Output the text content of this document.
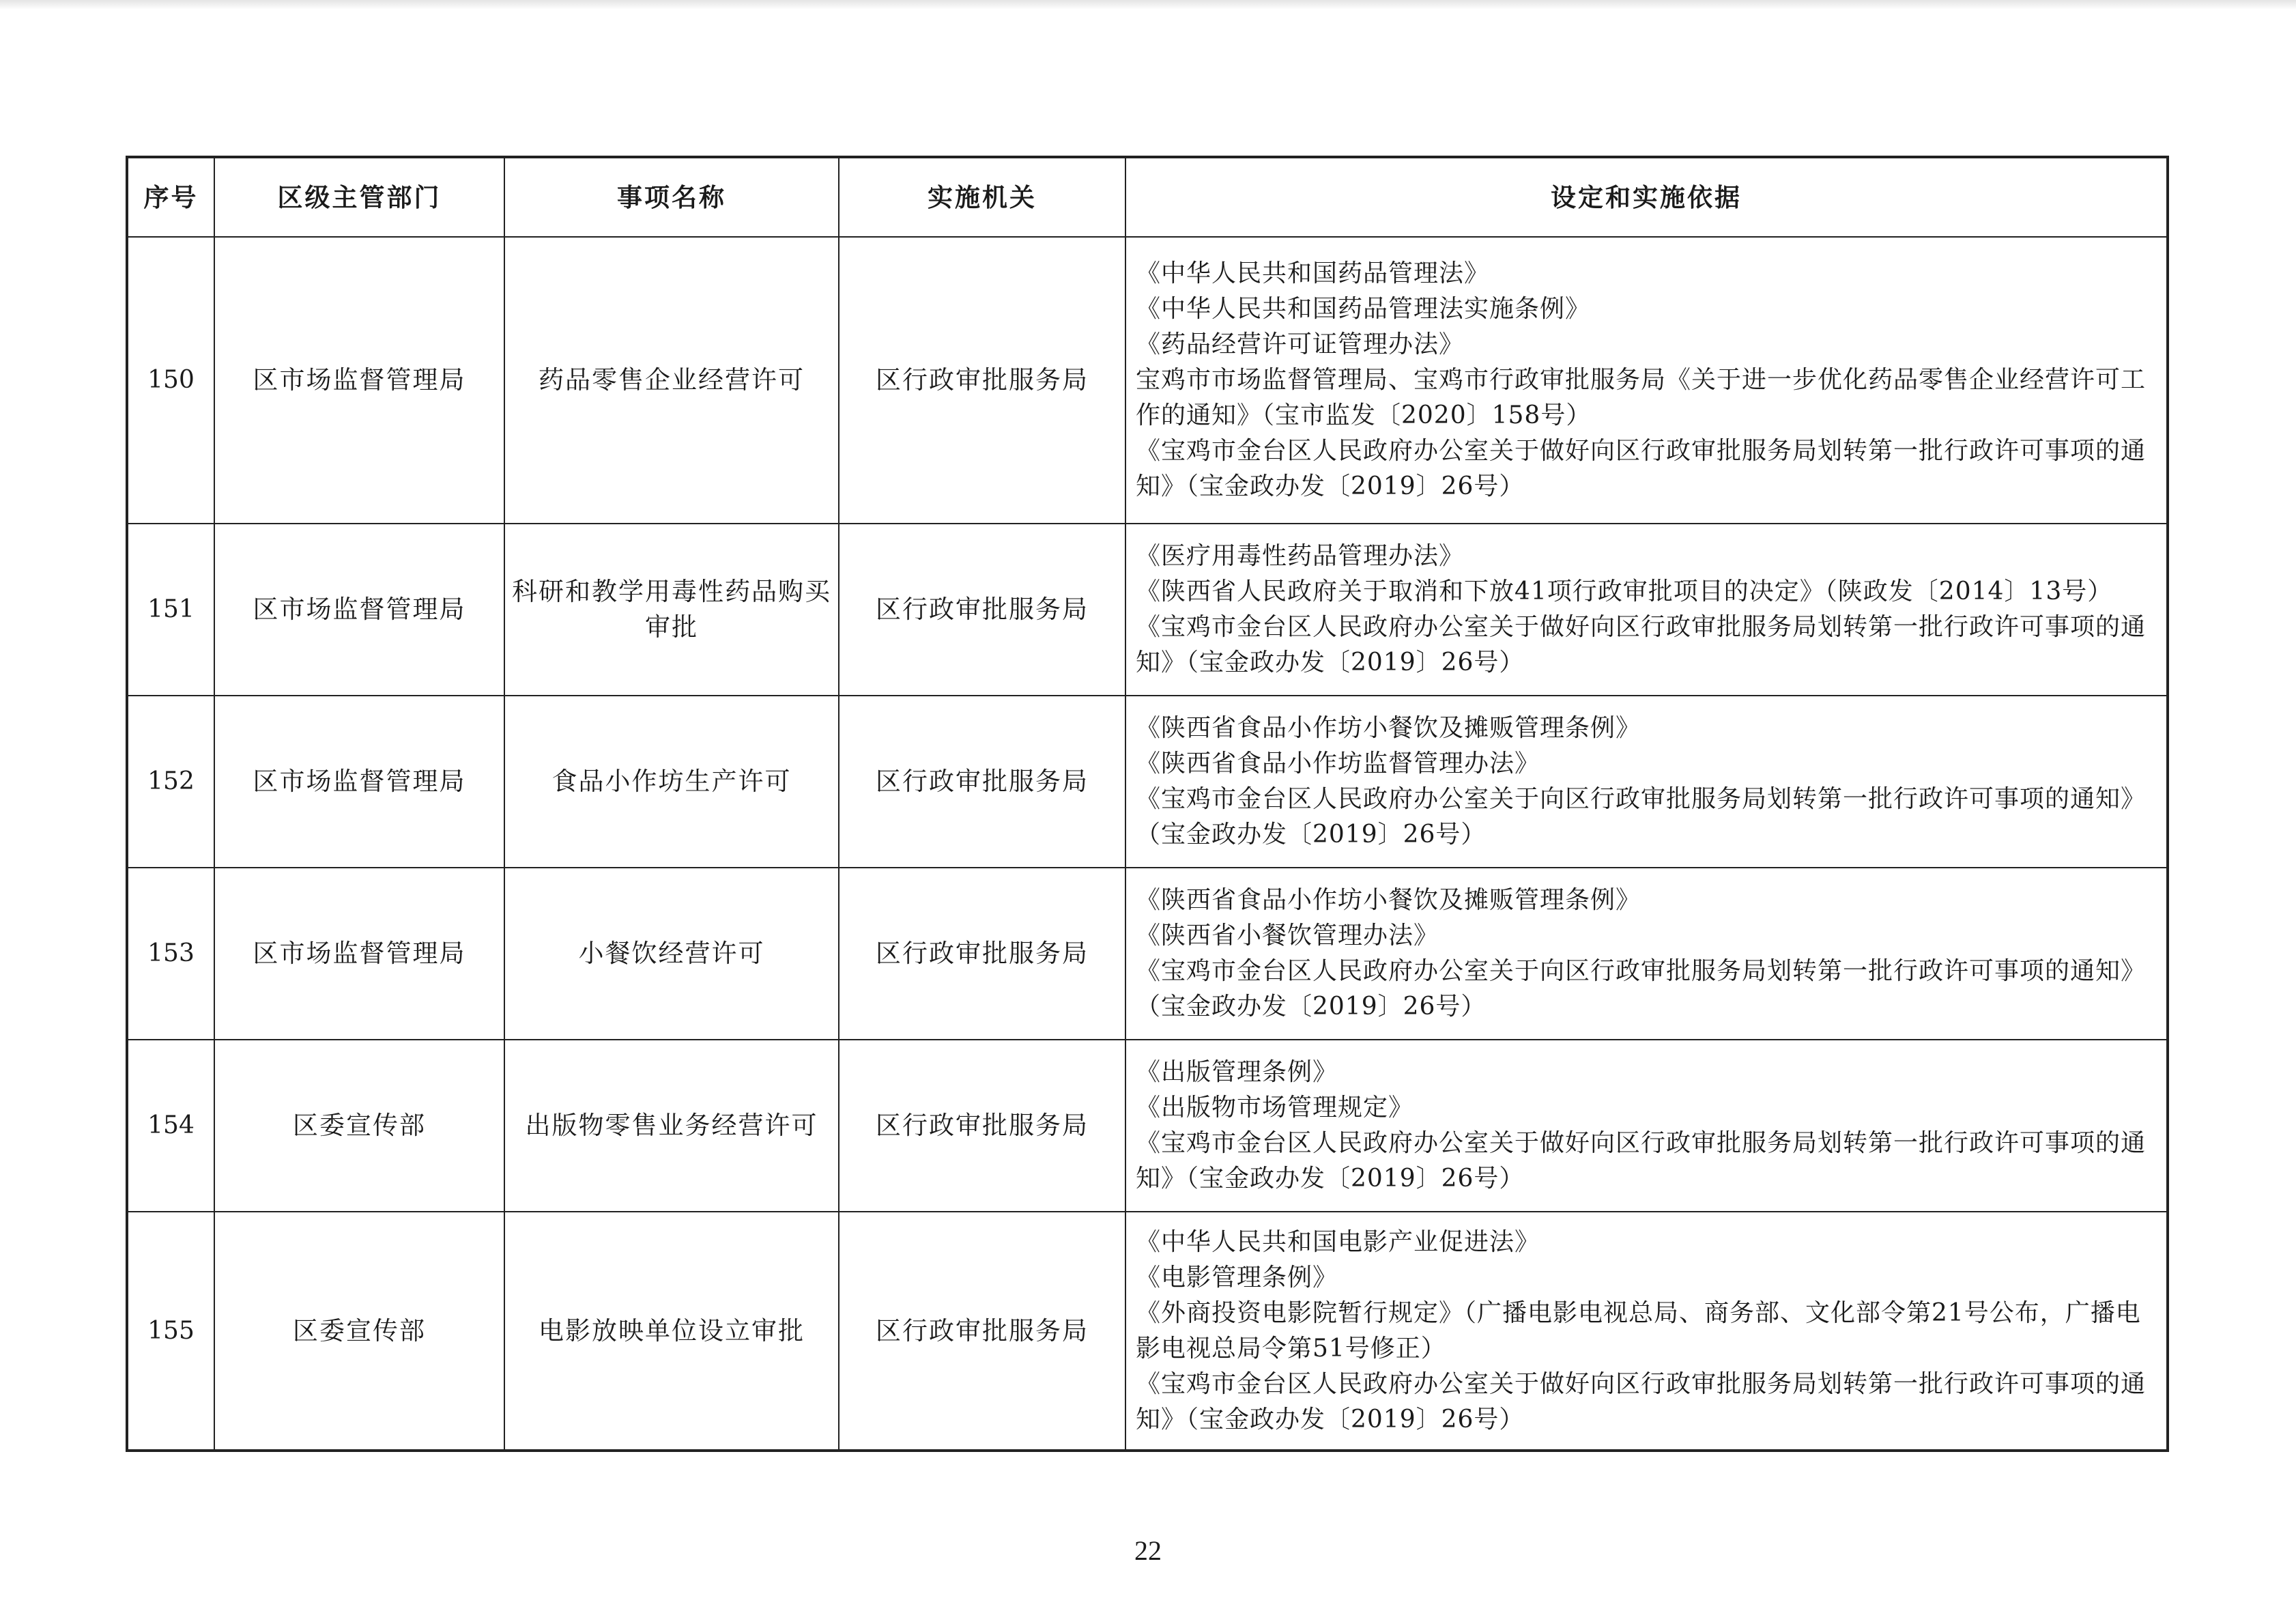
序号	区级主管部门	事项名称	实施机关	设定和实施依据
150	区市场监督管理局	药品零售企业经营许可	区行政审批服务局	《中华人民共和国药品管理法》
《中华人民共和国药品管理法实施条例》
《药品经营许可证管理办法》
宝鸡市市场监督管理局、宝鸡市行政审批服务局《关于进一步优化药品零售企业经营许可工作的通知》（宝市监发〔2020〕158号）
《宝鸡市金台区人民政府办公室关于做好向区行政审批服务局划转第一批行政许可事项的通知》（宝金政办发〔2019〕26号）

151	区市场监督管理局	科研和教学用毒性药品购买审批	区行政审批服务局	《医疗用毒性药品管理办法》
《陕西省人民政府关于取消和下放41项行政审批项目的决定》（陕政发〔2014〕13号）
《宝鸡市金台区人民政府办公室关于做好向区行政审批服务局划转第一批行政许可事项的通知》（宝金政办发〔2019〕26号）

152	区市场监督管理局	食品小作坊生产许可	区行政审批服务局	《陕西省食品小作坊小餐饮及摊贩管理条例》
《陕西省食品小作坊监督管理办法》
《宝鸡市金台区人民政府办公室关于向区行政审批服务局划转第一批行政许可事项的通知》（宝金政办发〔2019〕26号）

153	区市场监督管理局	小餐饮经营许可	区行政审批服务局	《陕西省食品小作坊小餐饮及摊贩管理条例》
《陕西省小餐饮管理办法》
《宝鸡市金台区人民政府办公室关于向区行政审批服务局划转第一批行政许可事项的通知》（宝金政办发〔2019〕26号）

154	区委宣传部	出版物零售业务经营许可	区行政审批服务局	《出版管理条例》
《出版物市场管理规定》
《宝鸡市金台区人民政府办公室关于做好向区行政审批服务局划转第一批行政许可事项的通知》（宝金政办发〔2019〕26号）

155	区委宣传部	电影放映单位设立审批	区行政审批服务局	《中华人民共和国电影产业促进法》
《电影管理条例》
《外商投资电影院暂行规定》（广播电影电视总局、商务部、文化部令第21号公布，广播电影电视总局令第51号修正）
《宝鸡市金台区人民政府办公室关于做好向区行政审批服务局划转第一批行政许可事项的通知》（宝金政办发〔2019〕26号）
22
